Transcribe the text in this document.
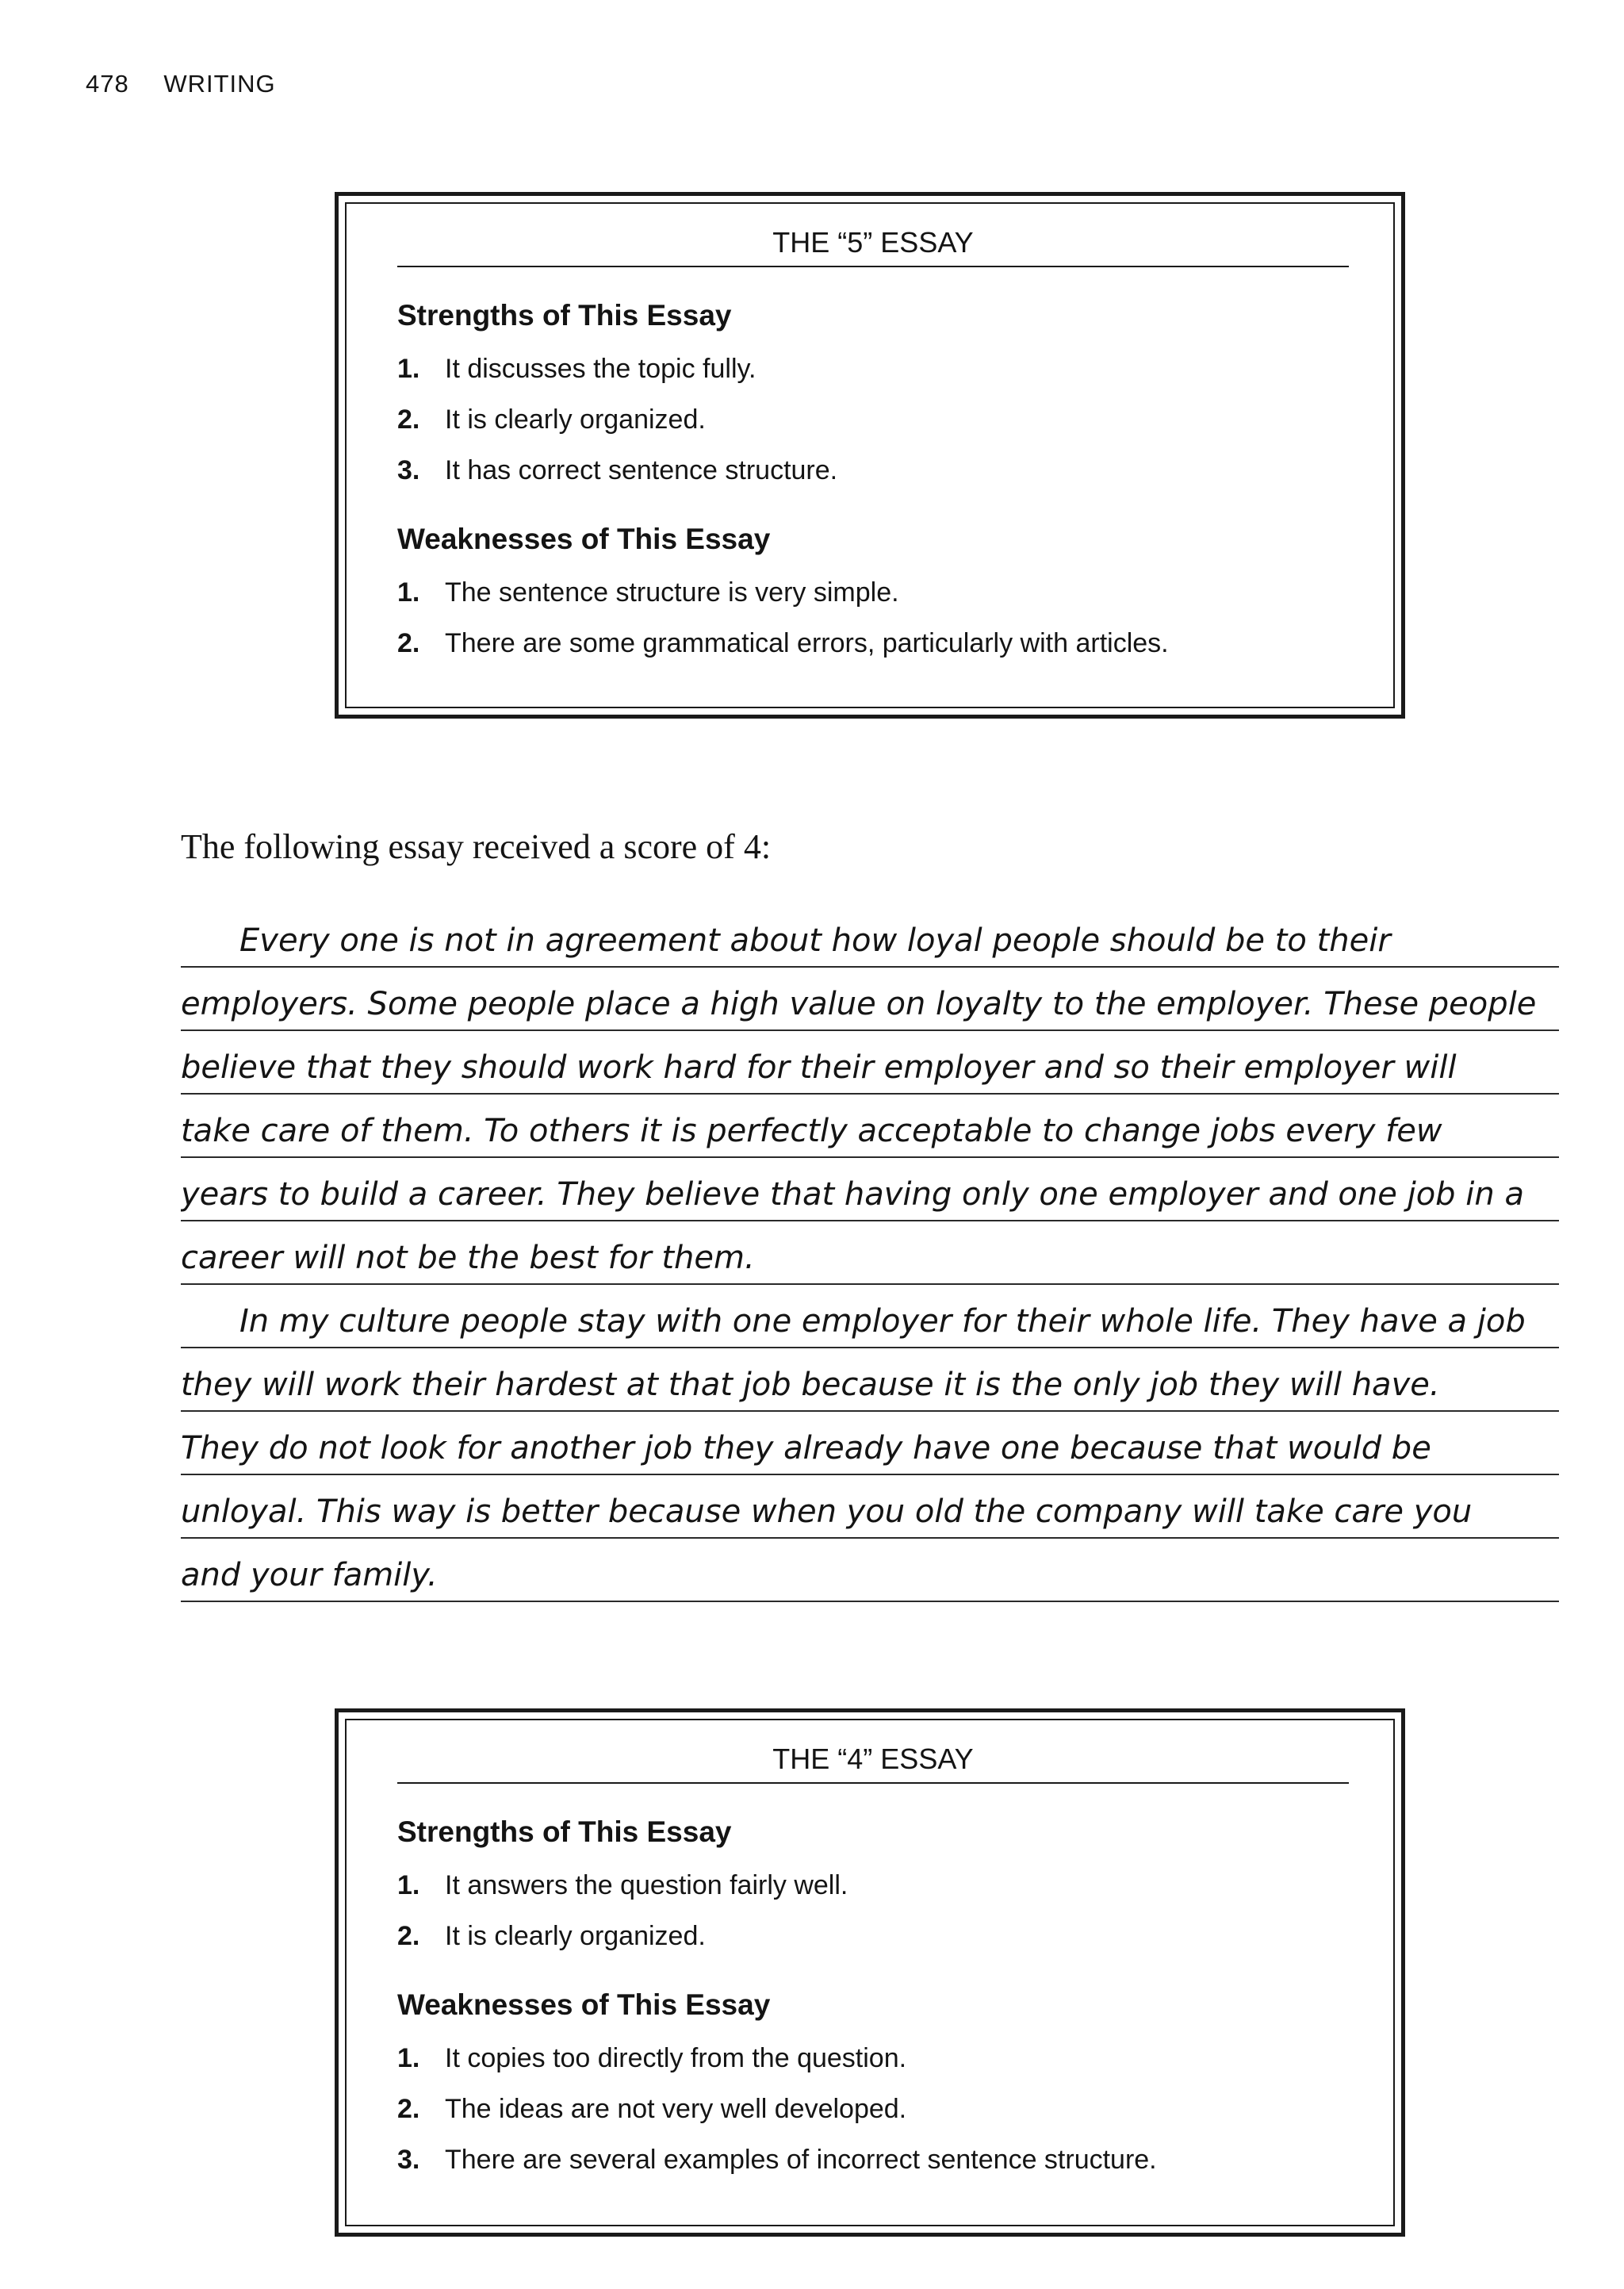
478 WRITING
THE “5” ESSAY
Strengths of This Essay
1. It discusses the topic fully.
2. It is clearly organized.
3. It has correct sentence structure.
Weaknesses of This Essay
1. The sentence structure is very simple.
2. There are some grammatical errors, particularly with articles.
The following essay received a score of 4:
Every one is not in agreement about how loyal people should be to their
employers. Some people place a high value on loyalty to the employer. These people
believe that they should work hard for their employer and so their employer will
take care of them. To others it is perfectly acceptable to change jobs every few
years to build a career. They believe that having only one employer and one job in a
career will not be the best for them.
In my culture people stay with one employer for their whole life. They have a job
they will work their hardest at that job because it is the only job they will have.
They do not look for another job they already have one because that would be
unloyal. This way is better because when you old the company will take care you
and your family.
THE “4” ESSAY
Strengths of This Essay
1. It answers the question fairly well.
2. It is clearly organized.
Weaknesses of This Essay
1. It copies too directly from the question.
2. The ideas are not very well developed.
3. There are several examples of incorrect sentence structure.
